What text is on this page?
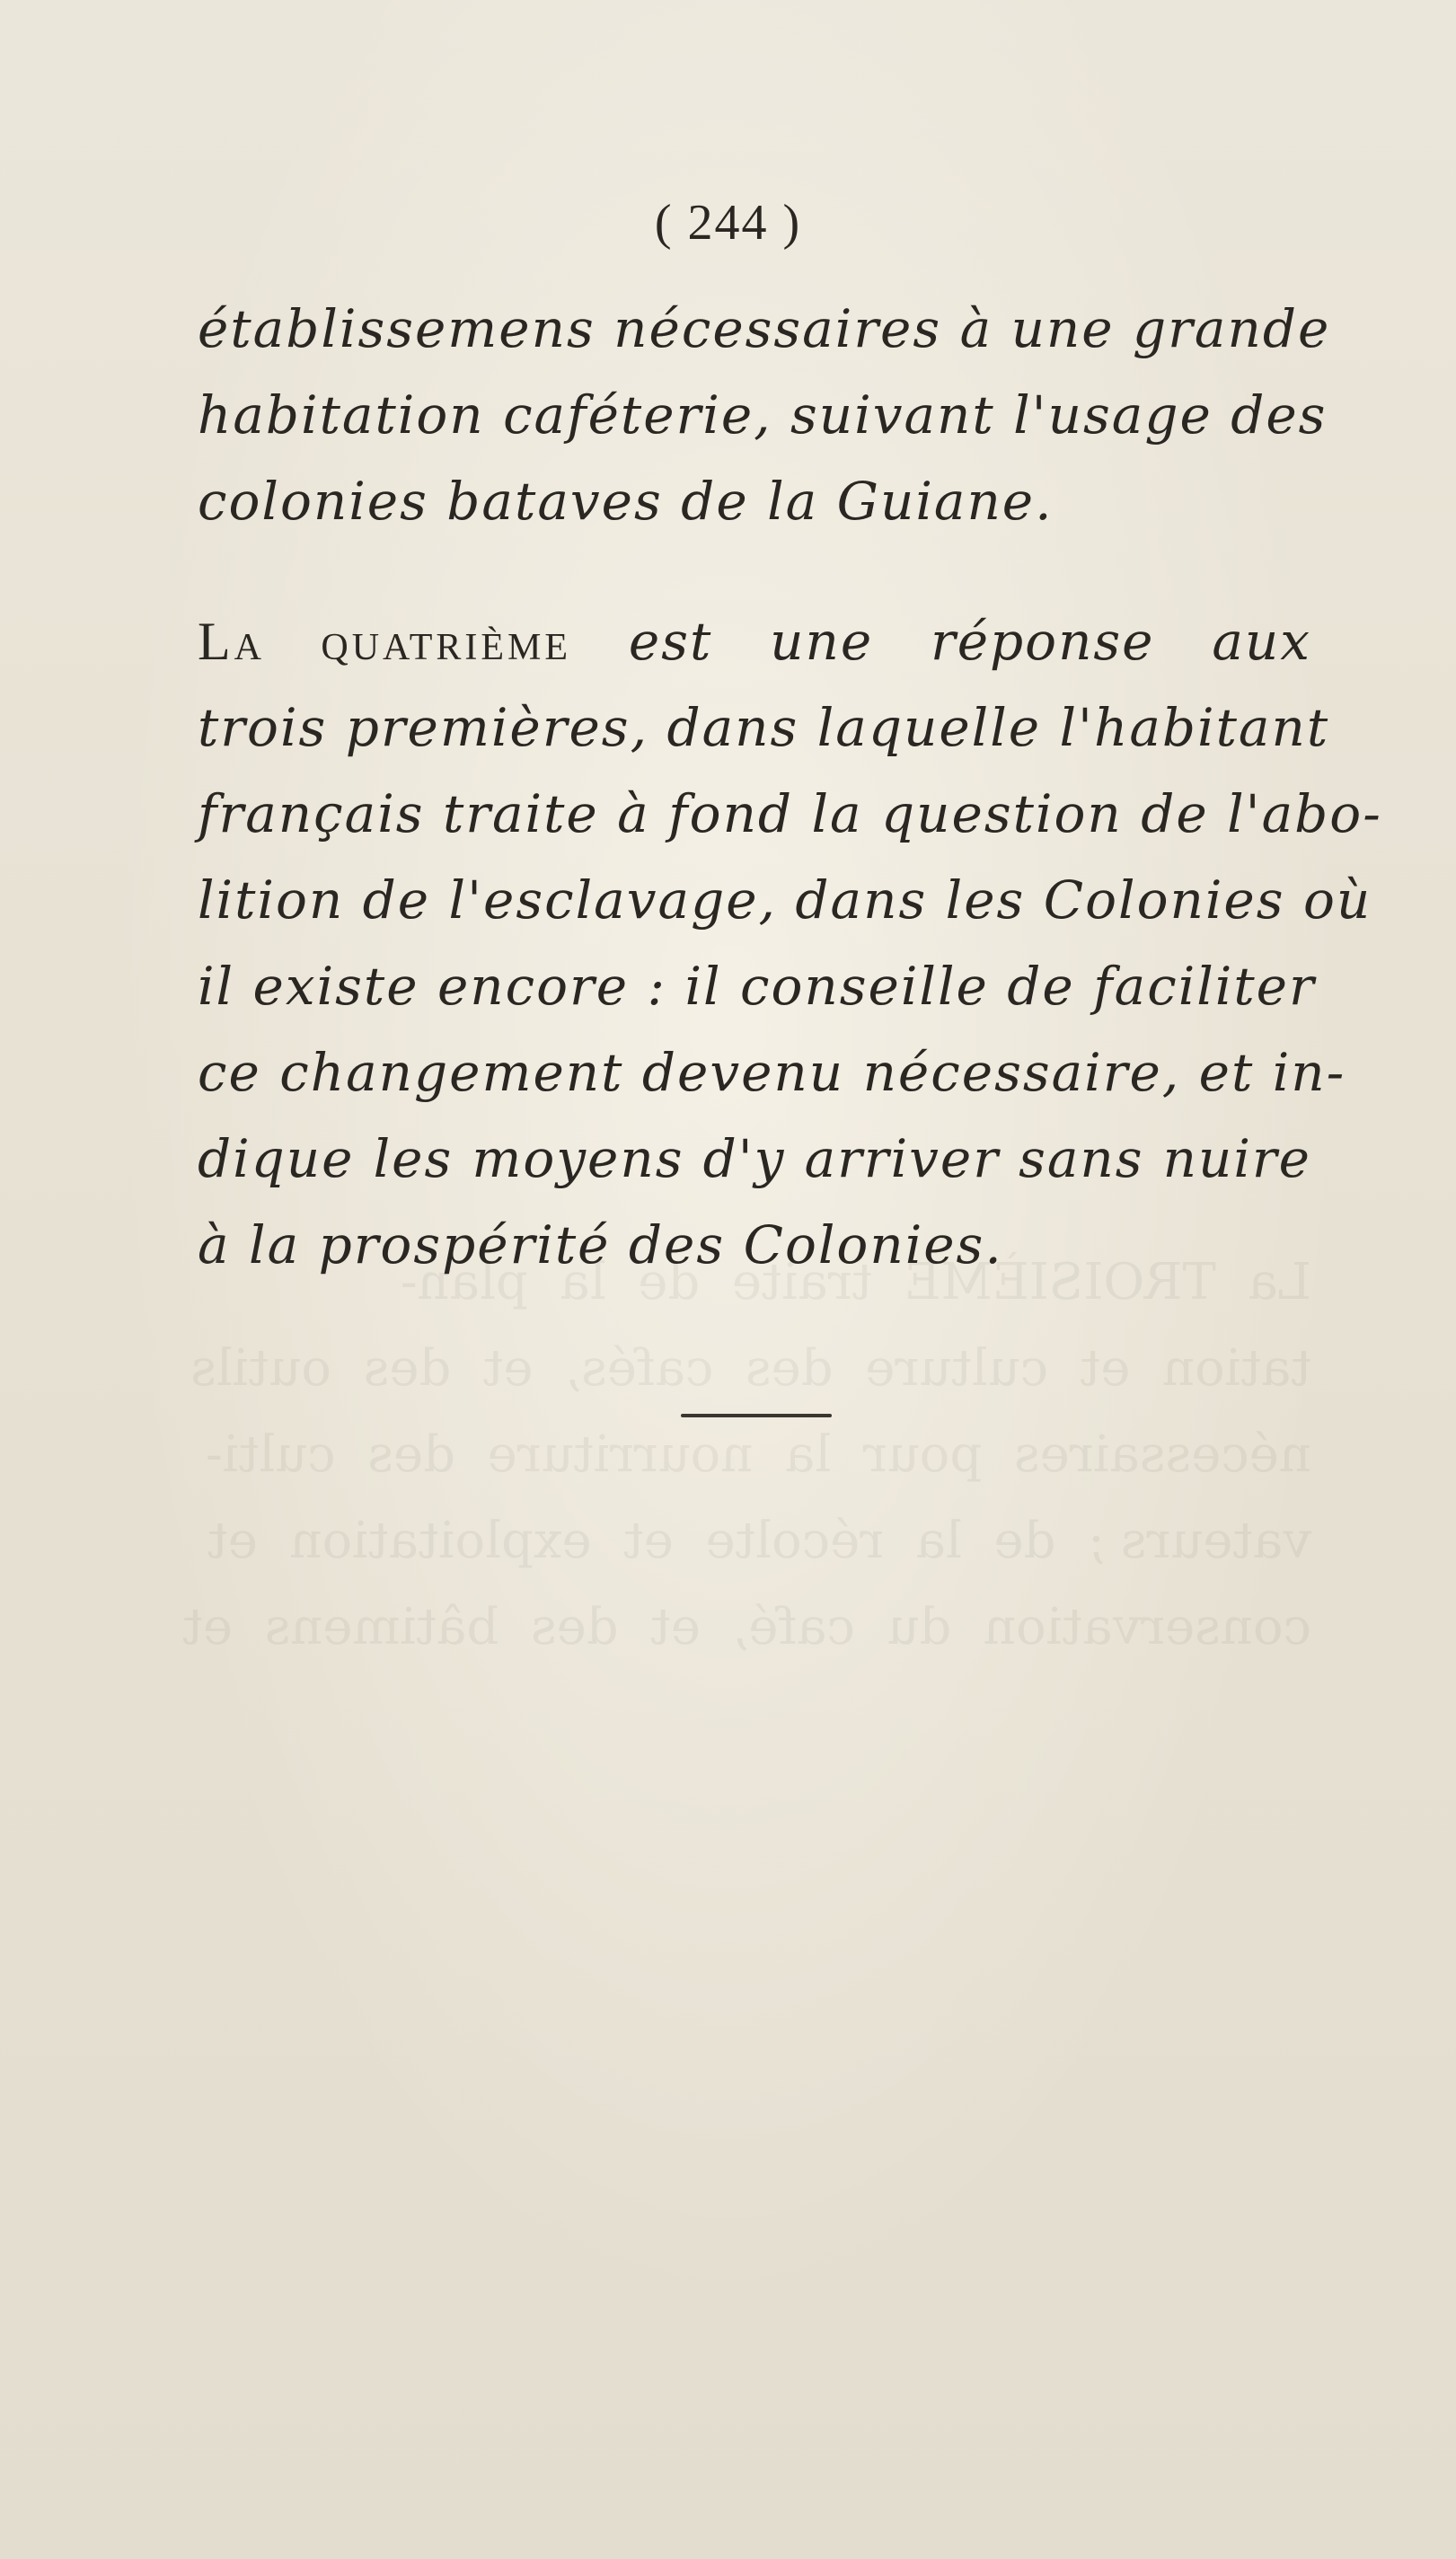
La  TROISIÈME  traite  de  la  plan-
tation  et  culture  des  cafés,  et  des  outils
nécessaires  pour  la  nourriture  des  culti-
vateurs ;  de  la  récolte  et  exploitation  et
conservation  du  café,  et  des  bâtimens  et
( 244 )
établissemens nécessaires à une grande
habitation caféterie, suivant l'usage des
colonies bataves de la Guiane.
La quatrième est une réponse aux
trois premières, dans laquelle l'habitant
français traite à fond la question de l'abo-
lition de l'esclavage, dans les Colonies où
il existe encore : il conseille de faciliter
ce changement devenu nécessaire, et in-
dique les moyens d'y arriver sans nuire
à la prospérité des Colonies.
